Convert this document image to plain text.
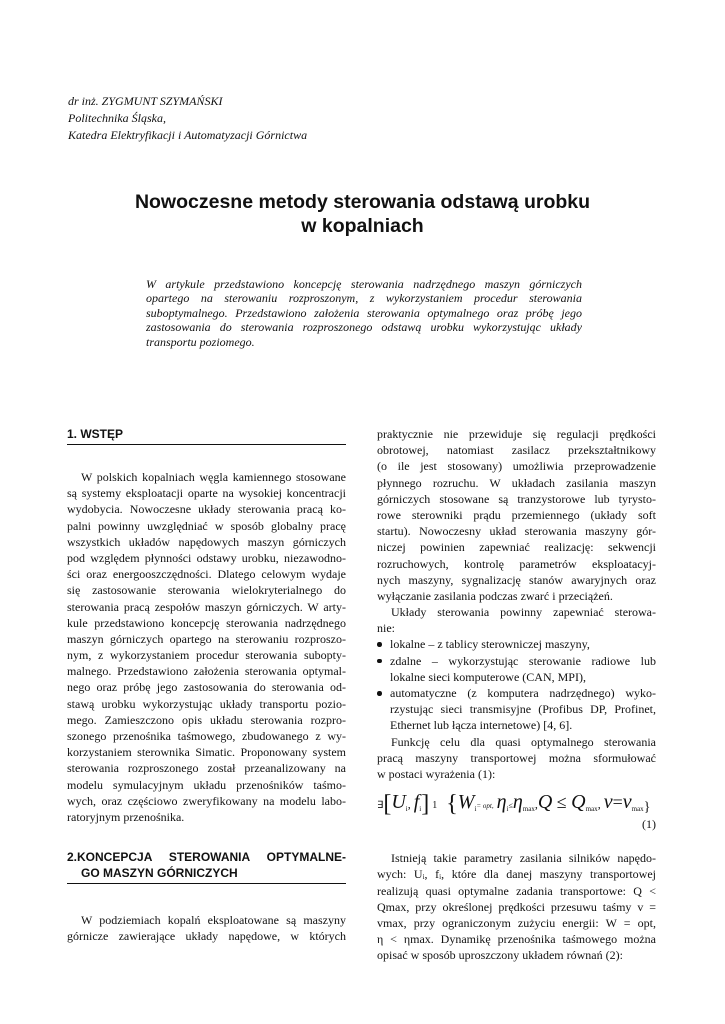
dr inż. ZYGMUNT SZYMAŃSKI
Politechnika Śląska,
Katedra Elektryfikacji i Automatyzacji Górnictwa
Nowoczesne metody sterowania odstawą urobku
w kopalniach
W artykule przedstawiono koncepcję sterowania nadrzędnego maszyn górniczych
opartego na sterowaniu rozproszonym, z wykorzystaniem procedur sterowania
suboptymalnego. Przedstawiono założenia sterowania optymalnego oraz próbę jego
zastosowania do sterowania rozproszonego odstawą urobku wykorzystując układy
transportu poziomego.
1. WSTĘP
W polskich kopalniach węgla kamiennego stosowane
są systemy eksploatacji oparte na wysokiej koncentracji
wydobycia. Nowoczesne układy sterowania pracą ko-
palni powinny uwzględniać w sposób globalny pracę
wszystkich układów napędowych maszyn górniczych
pod względem płynności odstawy urobku, niezawodno-
ści oraz energooszczędności. Dlatego celowym wydaje
się zastosowanie sterowania wielokryterialnego do
sterowania pracą zespołów maszyn górniczych. W arty-
kule przedstawiono koncepcję sterowania nadrzędnego
maszyn górniczych opartego na sterowaniu rozproszo-
nym, z wykorzystaniem procedur sterowania subopty-
malnego. Przedstawiono założenia sterowania optymal-
nego oraz próbę jego zastosowania do sterowania od-
stawą urobku wykorzystując układy transportu pozio-
mego. Zamieszczono opis układu sterowania rozpro-
szonego przenośnika taśmowego, zbudowanego z wy-
korzystaniem sterownika Simatic. Proponowany system
sterowania rozproszonego został przeanalizowany na
modelu symulacyjnym układu przenośników taśmo-
wych, oraz częściowo zweryfikowany na modelu labo-
ratoryjnym przenośnika.
2.KONCEPCJA STEROWANIA OPTYMALNE-
GO MASZYN GÓRNICZYCH
W podziemiach kopalń eksploatowane są maszyny
górnicze zawierające układy napędowe, w których
praktycznie nie przewiduje się regulacji prędkości
obrotowej, natomiast zasilacz przekształtnikowy
(o ile jest stosowany) umożliwia przeprowadzenie
płynnego rozruchu. W układach zasilania maszyn
górniczych stosowane są tranzystorowe lub tyrysto-
rowe sterowniki prądu przemiennego (układy soft
startu). Nowoczesny układ sterowania maszyny gór-
niczej powinien zapewniać realizację: sekwencji
rozruchowych, kontrolę parametrów eksploatacyj-
nych maszyny, sygnalizację stanów awaryjnych oraz
wyłączanie zasilania podczas zwarć i przeciążeń.
Układy sterowania powinny zapewniać sterowa-
nie:
lokalne – z tablicy sterowniczej maszyny,
zdalne – wykorzystując sterowanie radiowe lub
lokalne sieci komputerowe (CAN, MPI),
automatyczne (z komputera nadrzędnego) wyko-
rzystując sieci transmisyjne (Profibus DP, Profinet,
Ethernet lub łącza internetowe) [4, 6].
Funkcję celu dla quasi optymalnego sterowania
pracą maszyny transportowej można sformułować
w postaci wyrażenia (1):
$\exists[U_i$, $f_i$] 1 {$W_i=$ opt, $\eta_i\le\eta_{max},Q \le Q_{max}$, $v=v_{max}$}
(1)
Istnieją takie parametry zasilania silników napędo-
wych: Uᵢ, fᵢ, które dla danej maszyny transportowej
realizują quasi optymalne zadania transportowe: Q <
Qmax, przy określonej prędkości przesuwu taśmy v =
vmax, przy ograniczonym zużyciu energii: W = opt,
η < ηmax. Dynamikę przenośnika taśmowego można
opisać w sposób uproszczony układem równań (2):
